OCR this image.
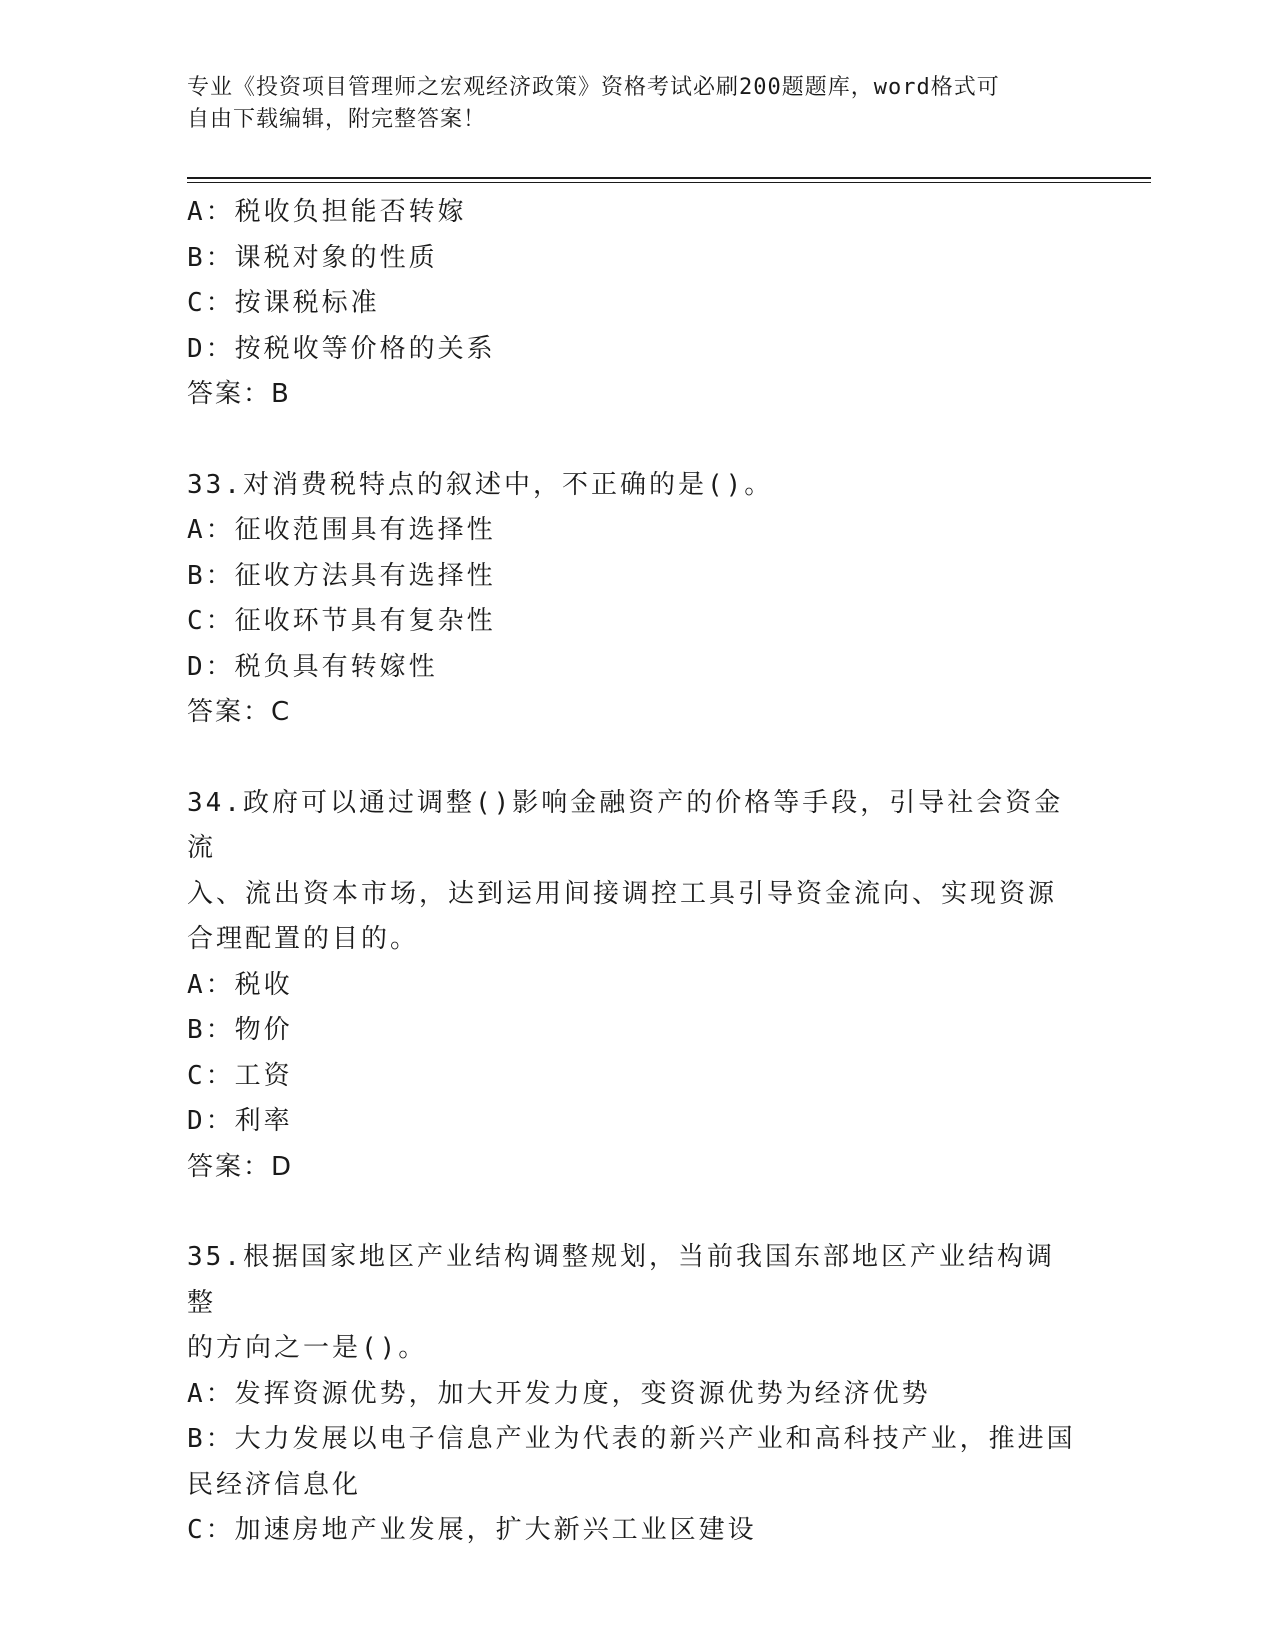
专业《投资项目管理师之宏观经济政策》资格考试必刷200题题库，word格式可
自由下载编辑，附完整答案！
A：税收负担能否转嫁
B：课税对象的性质
C：按课税标准
D：按税收等价格的关系
答案：B
33.对消费税特点的叙述中，不正确的是()。
A：征收范围具有选择性
B：征收方法具有选择性
C：征收环节具有复杂性
D：税负具有转嫁性
答案：C
34.政府可以通过调整()影响金融资产的价格等手段，引导社会资金流
入、流出资本市场，达到运用间接调控工具引导资金流向、实现资源
合理配置的目的。
A：税收
B：物价
C：工资
D：利率
答案：D
35.根据国家地区产业结构调整规划，当前我国东部地区产业结构调整
的方向之一是()。
A：发挥资源优势，加大开发力度，变资源优势为经济优势
B：大力发展以电子信息产业为代表的新兴产业和高科技产业，推进国
民经济信息化
C：加速房地产业发展，扩大新兴工业区建设
